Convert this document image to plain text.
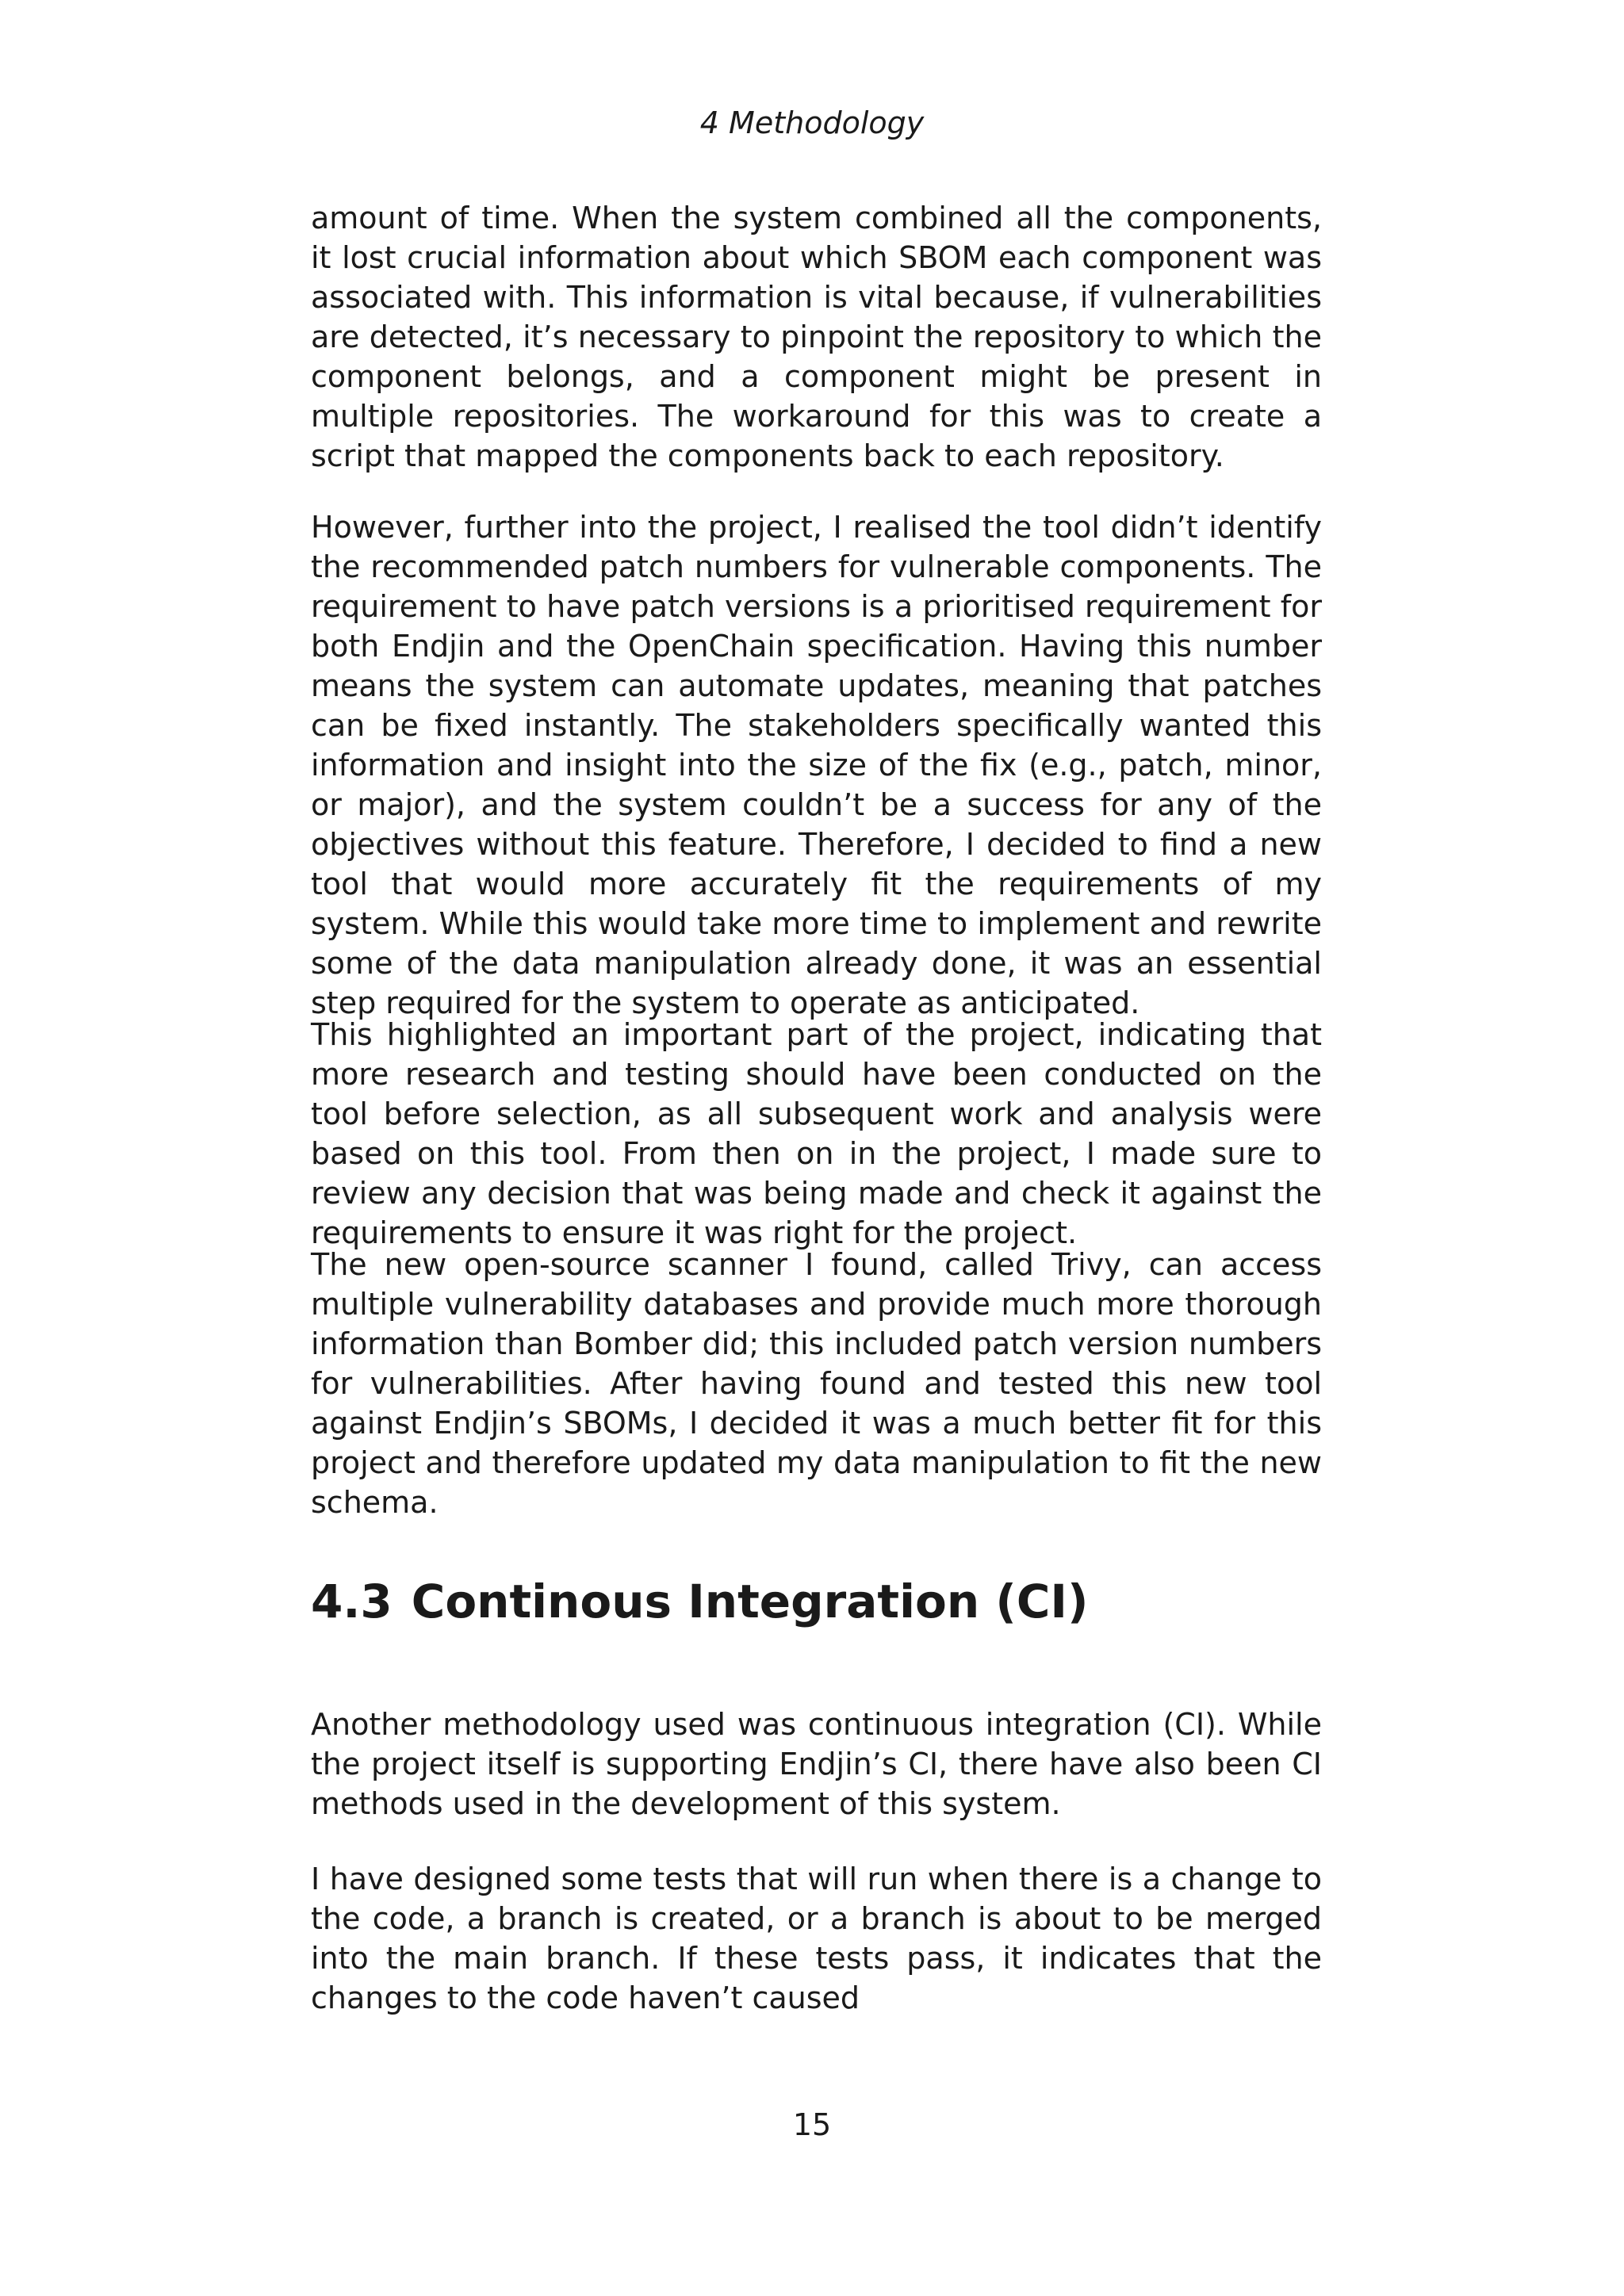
4 Methodology

amount of time. When the system combined all the components, it lost crucial information about which SBOM each component was associated with. This information is vital because, if vulnerabilities are detected, it’s necessary to pinpoint the repository to which the component belongs, and a component might be present in multiple repositories. The workaround for this was to create a script that mapped the components back to each repository.

However, further into the project, I realised the tool didn’t identify the recommended patch numbers for vulnerable components. The requirement to have patch versions is a prioritised requirement for both Endjin and the OpenChain specification. Having this number means the system can automate updates, meaning that patches can be fixed instantly. The stakeholders specifically wanted this information and insight into the size of the fix (e.g., patch, minor, or major), and the system couldn’t be a success for any of the objectives without this feature. Therefore, I decided to find a new tool that would more accurately fit the requirements of my system. While this would take more time to implement and rewrite some of the data manipulation already done, it was an essential step required for the system to operate as anticipated.

This highlighted an important part of the project, indicating that more research and testing should have been conducted on the tool before selection, as all subsequent work and analysis were based on this tool. From then on in the project, I made sure to review any decision that was being made and check it against the requirements to ensure it was right for the project.

The new open-source scanner I found, called Trivy, can access multiple vulnerability databases and provide much more thorough information than Bomber did; this included patch version numbers for vulnerabilities. After having found and tested this new tool against Endjin’s SBOMs, I decided it was a much better fit for this project and therefore updated my data manipulation to fit the new schema.

4.3 Continous Integration (CI)

Another methodology used was continuous integration (CI). While the project itself is supporting Endjin’s CI, there have also been CI methods used in the development of this system.

I have designed some tests that will run when there is a change to the code, a branch is created, or a branch is about to be merged into the main branch. If these tests pass, it indicates that the changes to the code haven’t caused

15
